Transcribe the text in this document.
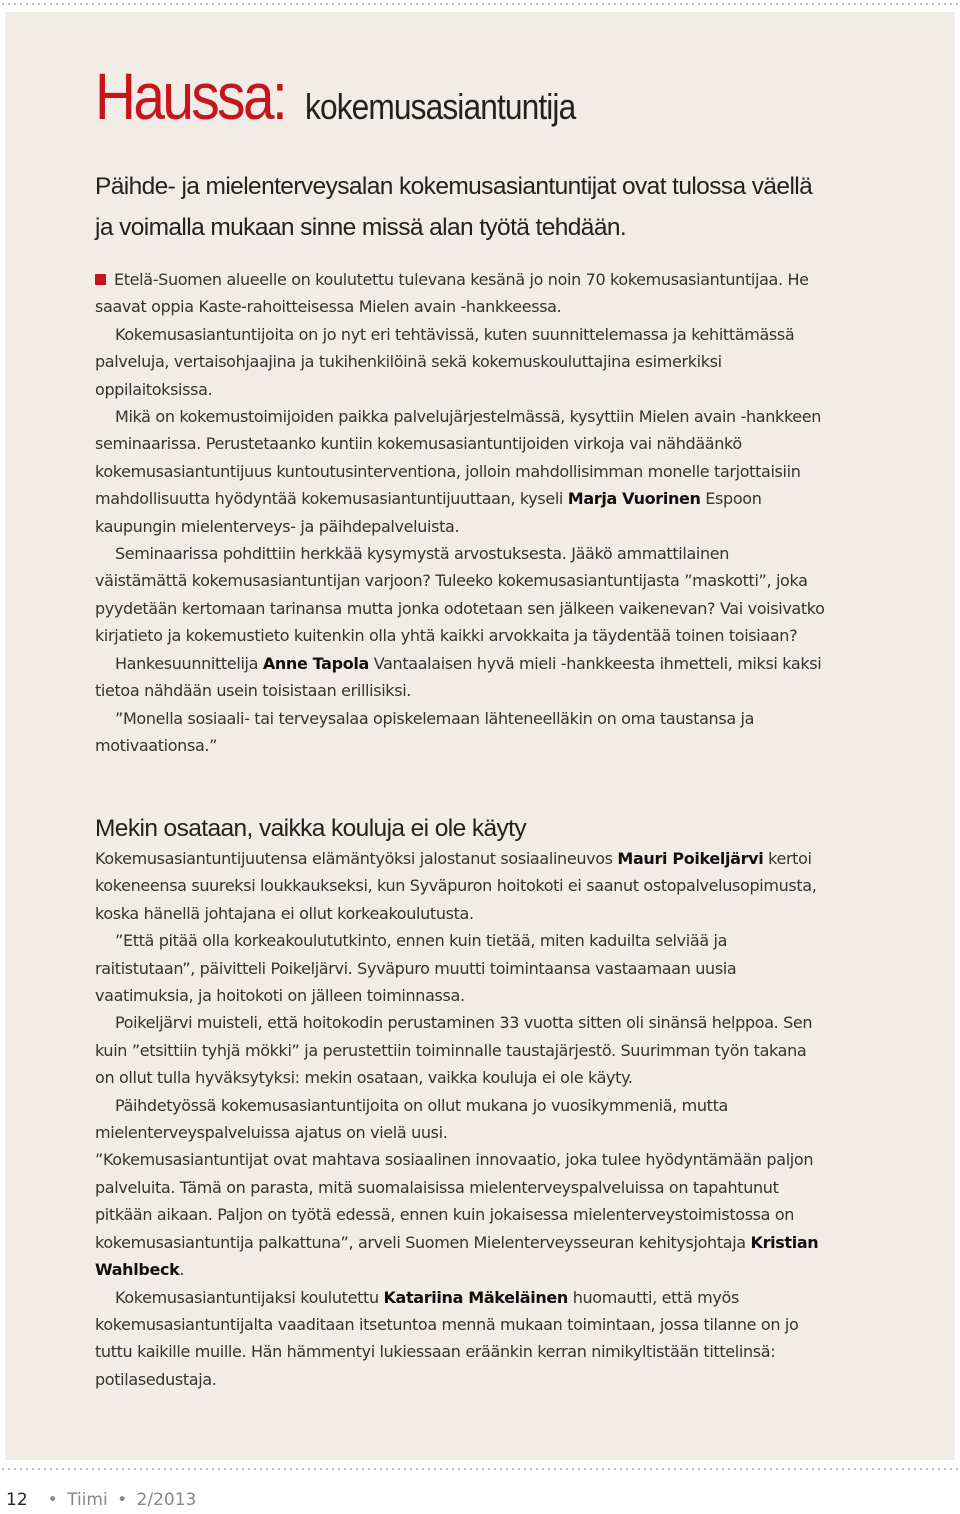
Haussa: kokemusasiantuntija

Päihde- ja mielenterveysalan kokemusasiantuntijat ovat tulossa väellä ja voimalla mukaan sinne missä alan työtä tehdään.

Etelä-Suomen alueelle on koulutettu tulevana kesänä jo noin 70 kokemusasiantuntijaa. He saavat oppia Kaste-rahoitteisessa Mielen avain -hankkeessa.

Kokemusasiantuntijoita on jo nyt eri tehtävissä, kuten suunnittelemassa ja kehittämässä palveluja, vertaisohjaajina ja tukihenkilöinä sekä kokemuskouluttajina esimerkiksi oppilaitoksissa.

Mikä on kokemustoimijoiden paikka palvelujärjestelmässä, kysyttiin Mielen avain -hankkeen seminaarissa. Perustetaanko kuntiin kokemusasiantuntijoiden virkoja vai nähdäänkö kokemusasiantuntijuus kuntoutusinterventiona, jolloin mahdollisimman monelle tarjottaisiin mahdollisuutta hyödyntää kokemusasiantuntijuuttaan, kyseli Marja Vuorinen Espoon kaupungin mielenterveys- ja päihdepalveluista.

Seminaarissa pohdittiin herkkää kysymystä arvostuksesta. Jääkö ammattilainen väistämättä kokemusasiantuntijan varjoon? Tuleeko kokemusasiantuntijasta ”maskotti”, joka pyydetään kertomaan tarinansa mutta jonka odotetaan sen jälkeen vaikenevan? Vai voisivatko kirjatieto ja kokemustieto kuitenkin olla yhtä kaikki arvokkaita ja täydentää toinen toisiaan?

Hankesuunnittelija Anne Tapola Vantaalaisen hyvä mieli -hankkeesta ihmetteli, miksi kaksi tietoa nähdään usein toisistaan erillisiksi.

”Monella sosiaali- tai terveysalaa opiskelemaan lähteneelläkin on oma taustansa ja motivaationsa.”

Mekin osataan, vaikka kouluja ei ole käyty

Kokemusasiantuntijuutensa elämäntyöksi jalostanut sosiaalineuvos Mauri Poikeljärvi kertoi kokeneensa suureksi loukkaukseksi, kun Syväpuron hoitokoti ei saanut ostopalvelusopimusta, koska hänellä johtajana ei ollut korkeakoulutusta.

”Että pitää olla korkeakoulututkinto, ennen kuin tietää, miten kaduilta selviää ja raitistutaan”, päivitteli Poikeljärvi. Syväpuro muutti toimintaansa vastaamaan uusia vaatimuksia, ja hoitokoti on jälleen toiminnassa.

Poikeljärvi muisteli, että hoitokodin perustaminen 33 vuotta sitten oli sinänsä helppoa. Sen kuin ”etsittiin tyhjä mökki” ja perustettiin toiminnalle taustajärjestö. Suurimman työn takana on ollut tulla hyväksytyksi: mekin osataan, vaikka kouluja ei ole käyty.

Päihdetyössä kokemusasiantuntijoita on ollut mukana jo vuosikymmeniä, mutta mielenterveyspalveluissa ajatus on vielä uusi.

”Kokemusasiantuntijat ovat mahtava sosiaalinen innovaatio, joka tulee hyödyntämään paljon palveluita. Tämä on parasta, mitä suomalaisissa mielenterveyspalveluissa on tapahtunut pitkään aikaan. Paljon on työtä edessä, ennen kuin jokaisessa mielenterveystoimistossa on kokemusasiantuntija palkattuna”, arveli Suomen Mielenterveysseuran kehitysjohtaja Kristian Wahlbeck.

Kokemusasiantuntijaksi koulutettu Katariina Mäkeläinen huomautti, että myös kokemusasiantuntijalta vaaditaan itsetuntoa mennä mukaan toimintaan, jossa tilanne on jo tuttu kaikille muille. Hän hämmentyi lukiessaan eräänkin kerran nimikyltistään tittelinsä: potilasedustaja.

12 • Tiimi • 2/2013
